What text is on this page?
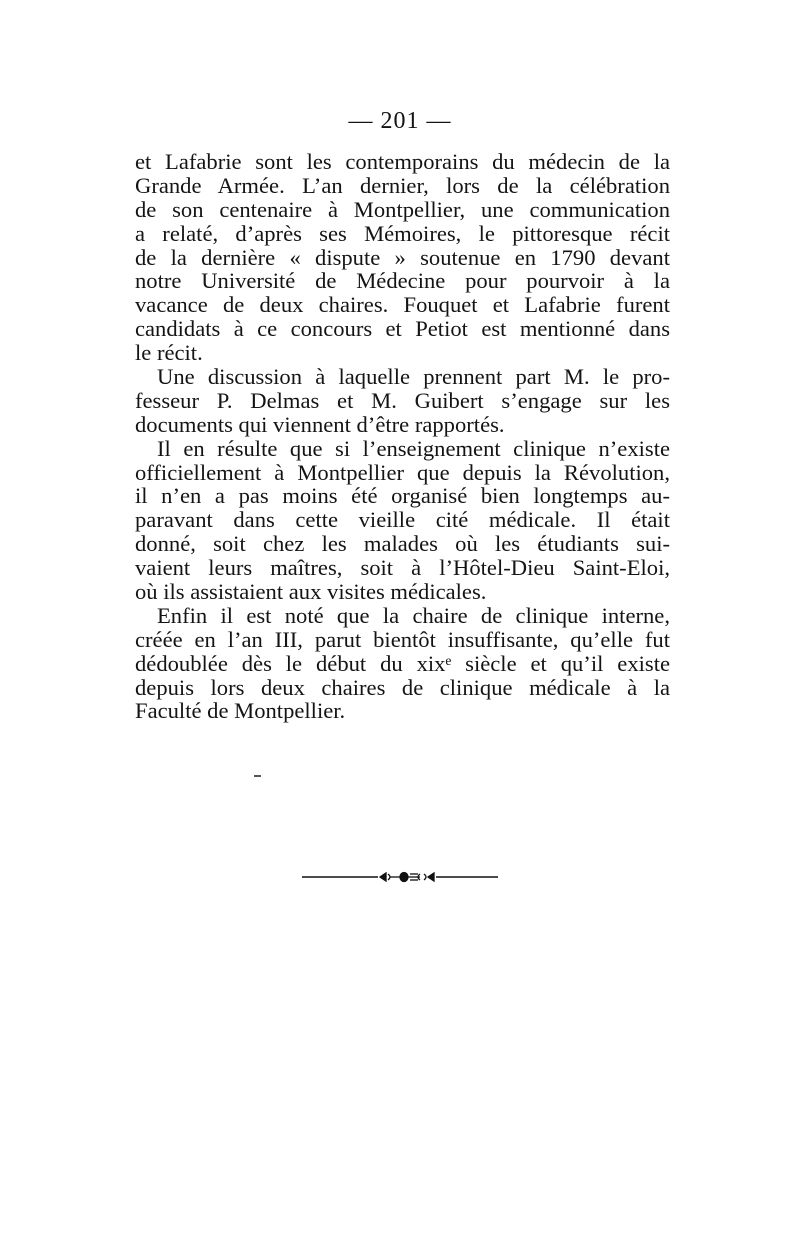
— 201 —
et Lafabrie sont les contemporains du médecin de la
Grande Armée. L’an dernier, lors de la célébration
de son centenaire à Montpellier, une communication
a relaté, d’après ses Mémoires, le pittoresque récit
de la dernière « dispute » soutenue en 1790 devant
notre Université de Médecine pour pourvoir à la
vacance de deux chaires. Fouquet et Lafabrie furent
candidats à ce concours et Petiot est mentionné dans
le récit.
Une discussion à laquelle prennent part M. le pro-
fesseur P. Delmas et M. Guibert s’engage sur les
documents qui viennent d’être rapportés.
Il en résulte que si l’enseignement clinique n’existe
officiellement à Montpellier que depuis la Révolution,
il n’en a pas moins été organisé bien longtemps au-
paravant dans cette vieille cité médicale. Il était
donné, soit chez les malades où les étudiants sui-
vaient leurs maîtres, soit à l’Hôtel-Dieu Saint-Eloi,
où ils assistaient aux visites médicales.
Enfin il est noté que la chaire de clinique interne,
créée en l’an III, parut bientôt insuffisante, qu’elle fut
dédoublée dès le début du xixᵉ siècle et qu’il existe
depuis lors deux chaires de clinique médicale à la
Faculté de Montpellier.
